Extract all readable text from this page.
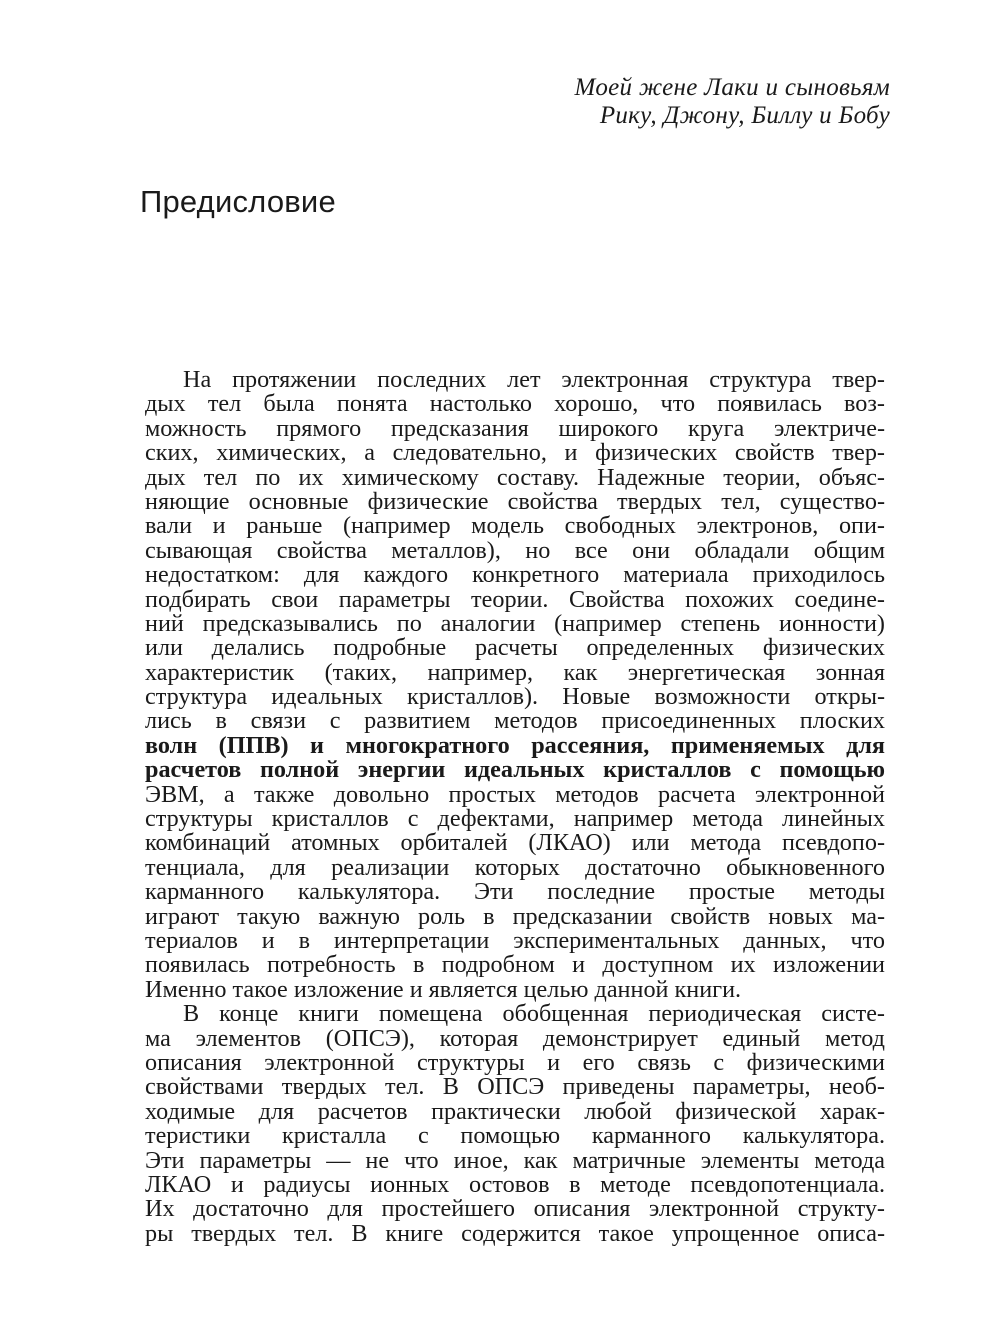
Моей жене Лаки и сыновьям
Рику, Джону, Биллу и Бобу
Предисловие
На протяжении последних лет электронная структура твер-
дых тел была понята настолько хорошо, что появилась воз-
можность прямого предсказания широкого круга электриче-
ских, химических, а следовательно, и физических свойств твер-
дых тел по их химическому составу. Надежные теории, объяс-
няющие основные физические свойства твердых тел, существо-
вали и раньше (например модель свободных электронов, опи-
сывающая свойства металлов), но все они обладали общим
недостатком: для каждого конкретного материала приходилось
подбирать свои параметры теории. Свойства похожих соедине-
ний предсказывались по аналогии (например степень ионности)
или делались подробные расчеты определенных физических
характеристик (таких, например, как энергетическая зонная
структура идеальных кристаллов). Новые возможности откры-
лись в связи с развитием методов присоединенных плоских
волн (ППВ) и многократного рассеяния, применяемых для
расчетов полной энергии идеальных кристаллов с помощью
ЭВМ, а также довольно простых методов расчета электронной
структуры кристаллов с дефектами, например метода линейных
комбинаций атомных орбиталей (ЛКАО) или метода псевдопо-
тенциала, для реализации которых достаточно обыкновенного
карманного калькулятора. Эти последние простые методы
играют такую важную роль в предсказании свойств новых ма-
териалов и в интерпретации экспериментальных данных, что
появилась потребность в подробном и доступном их изложении
Именно такое изложение и является целью данной книги.
В конце книги помещена обобщенная периодическая систе-
ма элементов (ОПСЭ), которая демонстрирует единый метод
описания электронной структуры и его связь с физическими
свойствами твердых тел. В ОПСЭ приведены параметры, необ-
ходимые для расчетов практически любой физической харак-
теристики кристалла с помощью карманного калькулятора.
Эти параметры — не что иное, как матричные элементы метода
ЛКАО и радиусы ионных остовов в методе псевдопотенциала.
Их достаточно для простейшего описания электронной структу-
ры твердых тел. В книге содержится такое упрощенное описа-
